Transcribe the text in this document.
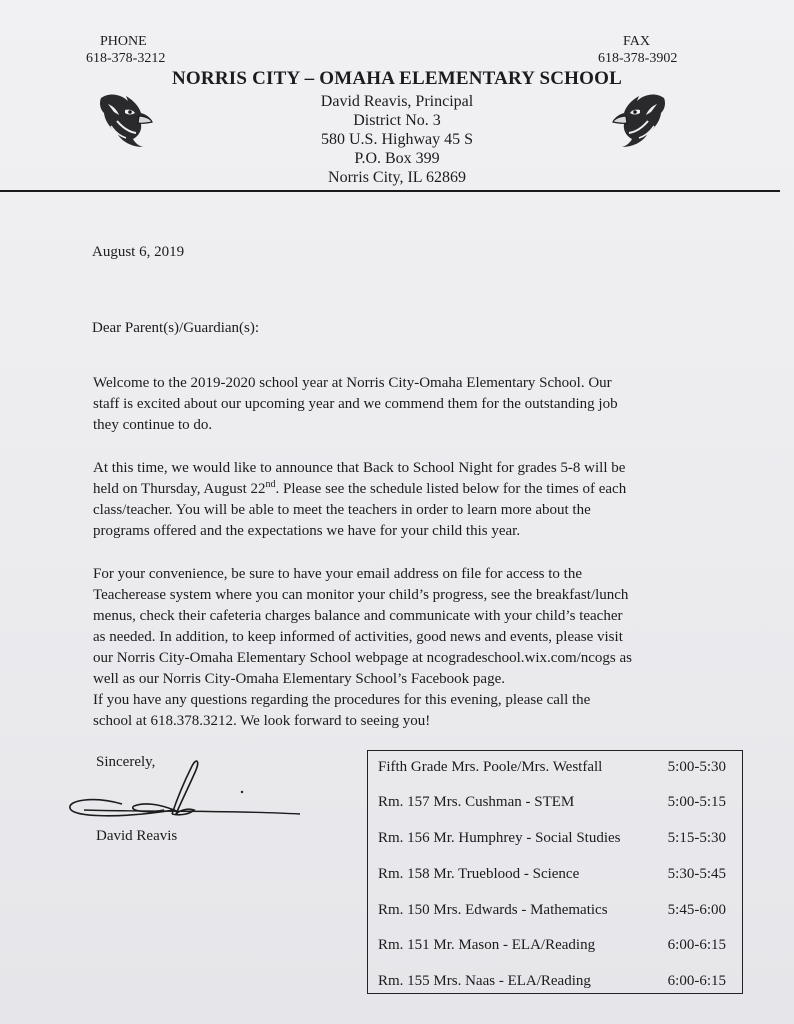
PHONE
618-378-3212
FAX
618-378-3902
NORRIS CITY – OMAHA ELEMENTARY SCHOOL
David Reavis, Principal
District No. 3
580 U.S. Highway 45 S
P.O. Box 399
Norris City, IL 62869
August 6, 2019
Dear Parent(s)/Guardian(s):
Welcome to the 2019-2020 school year at Norris City-Omaha Elementary School. Our
staff is excited about our upcoming year and we commend them for the outstanding job
they continue to do.
At this time, we would like to announce that Back to School Night for grades 5-8 will be
held on Thursday, August 22nd. Please see the schedule listed below for the times of each
class/teacher. You will be able to meet the teachers in order to learn more about the
programs offered and the expectations we have for your child this year.
For your convenience, be sure to have your email address on file for access to the
Teacherease system where you can monitor your child’s progress, see the breakfast/lunch
menus, check their cafeteria charges balance and communicate with your child’s teacher
as needed. In addition, to keep informed of activities, good news and events, please visit
our Norris City-Omaha Elementary School webpage at ncogradeschool.wix.com/ncogs as
well as our Norris City-Omaha Elementary School’s Facebook page.
If you have any questions regarding the procedures for this evening, please call the
school at 618.378.3212. We look forward to seeing you!
Sincerely,
David Reavis
Fifth Grade Mrs. Poole/Mrs. Westfall	5:00-5:30
Rm. 157 Mrs. Cushman - STEM	5:00-5:15
Rm. 156 Mr. Humphrey - Social Studies	5:15-5:30
Rm. 158 Mr. Trueblood - Science	5:30-5:45
Rm. 150 Mrs. Edwards - Mathematics	5:45-6:00
Rm. 151 Mr. Mason - ELA/Reading	6:00-6:15
Rm. 155 Mrs. Naas - ELA/Reading	6:00-6:15
